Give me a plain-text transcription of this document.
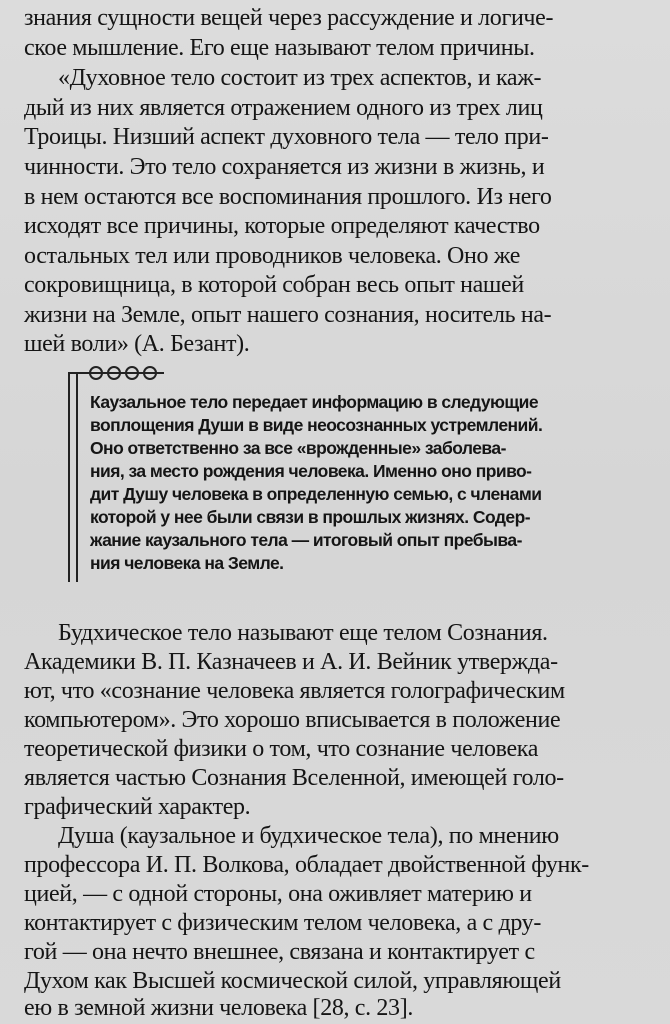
знания сущности вещей через рассуждение и логиче-
ское мышление. Его еще называют телом причины.
«Духовное тело состоит из трех аспектов, и каж-
дый из них является отражением одного из трех лиц
Троицы. Низший аспект духовного тела — тело при-
чинности. Это тело сохраняется из жизни в жизнь, и
в нем остаются все воспоминания прошлого. Из него
исходят все причины, которые определяют качество
остальных тел или проводников человека. Оно же
сокровищница, в которой собран весь опыт нашей
жизни на Земле, опыт нашего сознания, носитель на-
шей воли» (А. Безант).
Каузальное тело передает информацию в следующие
воплощения Души в виде неосознанных устремлений.
Оно ответственно за все «врожденные» заболева-
ния, за место рождения человека. Именно оно приво-
дит Душу человека в определенную семью, с членами
которой у нее были связи в прошлых жизнях. Содер-
жание каузального тела — итоговый опыт пребыва-
ния человека на Земле.
Будхическое тело называют еще телом Сознания.
Академики В. П. Казначеев и А. И. Вейник утвержда-
ют, что «сознание человека является голографическим
компьютером». Это хорошо вписывается в положение
теоретической физики о том, что сознание человека
является частью Сознания Вселенной, имеющей голо-
графический характер.
Душа (каузальное и будхическое тела), по мнению
профессора И. П. Волкова, обладает двойственной функ-
цией, — с одной стороны, она оживляет материю и
контактирует с физическим телом человека, а с дру-
гой — она нечто внешнее, связана и контактирует с
Духом как Высшей космической силой, управляющей
ею в земной жизни человека [28, с. 23].
